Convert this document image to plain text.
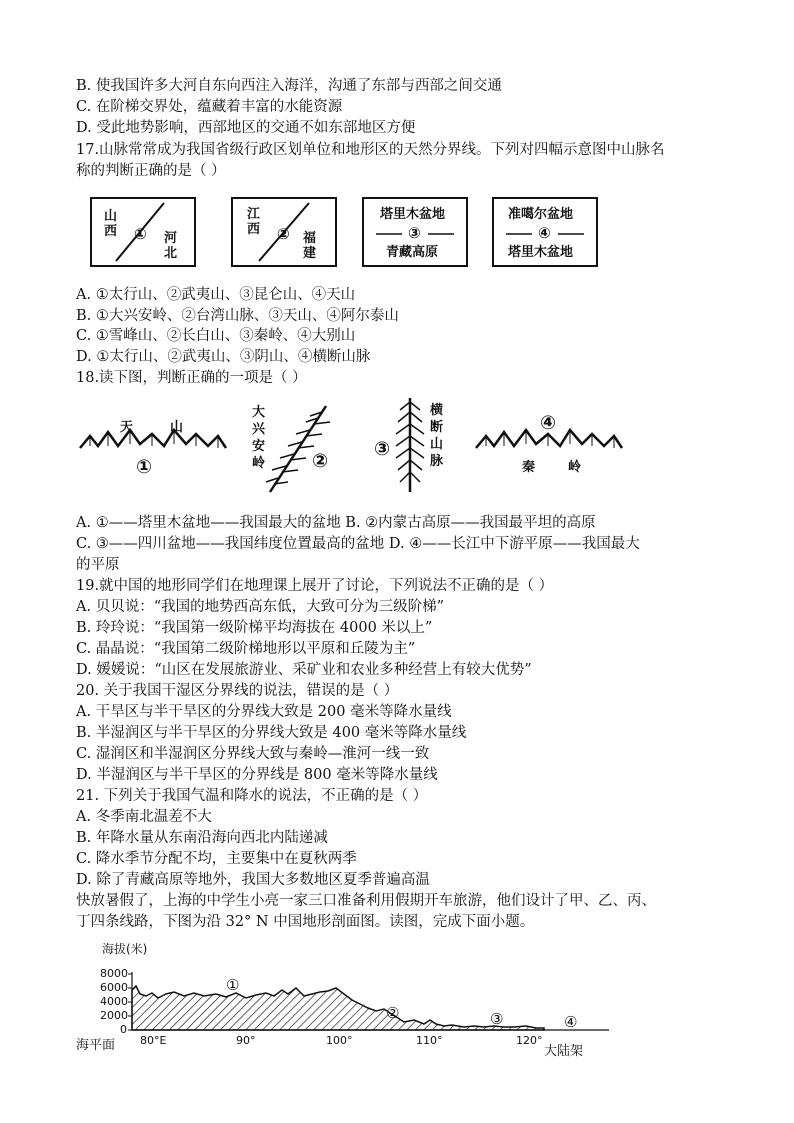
B. 使我国许多大河自东向西注入海洋，沟通了东部与西部之间交通
C. 在阶梯交界处，蕴藏着丰富的水能资源
D. 受此地势影响，西部地区的交通不如东部地区方便
17.山脉常常成为我国省级行政区划单位和地形区的天然分界线。下列对四幅示意图中山脉名
称的判断正确的是（ ）
山
西 ① 河
北
江
西 ② 福
建
塔里木盆地
③
青藏高原
准噶尔盆地
④
塔里木盆地
A. ①太行山、②武夷山、③昆仑山、④天山
B. ①大兴安岭、②台湾山脉、③天山、④阿尔泰山
C. ①雪峰山、②长白山、③秦岭、④大别山
D. ①太行山、②武夷山、③阴山、④横断山脉
18.读下图，判断正确的一项是（ ）
天	山
①
大
兴
安
岭 ②
③
横
断
山
脉
④
秦	岭
A. ①——塔里木盆地——我国最大的盆地 B. ②内蒙古高原——我国最平坦的高原
C. ③——四川盆地——我国纬度位置最高的盆地 D. ④——长江中下游平原——我国最大
的平原
19.就中国的地形同学们在地理课上展开了讨论，下列说法不正确的是（ ）
A. 贝贝说：“我国的地势西高东低，大致可分为三级阶梯”
B. 玲玲说：“我国第一级阶梯平均海拔在 4000 米以上”
C. 晶晶说：“我国第二级阶梯地形以平原和丘陵为主”
D. 媛媛说：“山区在发展旅游业、采矿业和农业多种经营上有较大优势”
20. 关于我国干湿区分界线的说法，错误的是（ ）
A. 干旱区与半干旱区的分界线大致是 200 毫米等降水量线
B. 半湿润区与半干旱区的分界线大致是 400 毫米等降水量线
C. 湿润区和半湿润区分界线大致与秦岭—淮河一线一致
D. 半湿润区与半干旱区的分界线是 800 毫米等降水量线
21. 下列关于我国气温和降水的说法，不正确的是（ ）
A. 冬季南北温差不大
B. 年降水量从东南沿海向西北内陆递减
C. 降水季节分配不均，主要集中在夏秋两季
D. 除了青藏高原等地外，我国大多数地区夏季普遍高温
快放暑假了，上海的中学生小亮一家三口准备利用假期开车旅游，他们设计了甲、乙、丙、
丁四条线路，下图为沿 32° N 中国地形剖面图。读图，完成下面小题。
海拔(米)
8000
6000
4000
2000
0
海平面 80°E	90°	100°	110°	120°
大陆架
①
②	③	④
